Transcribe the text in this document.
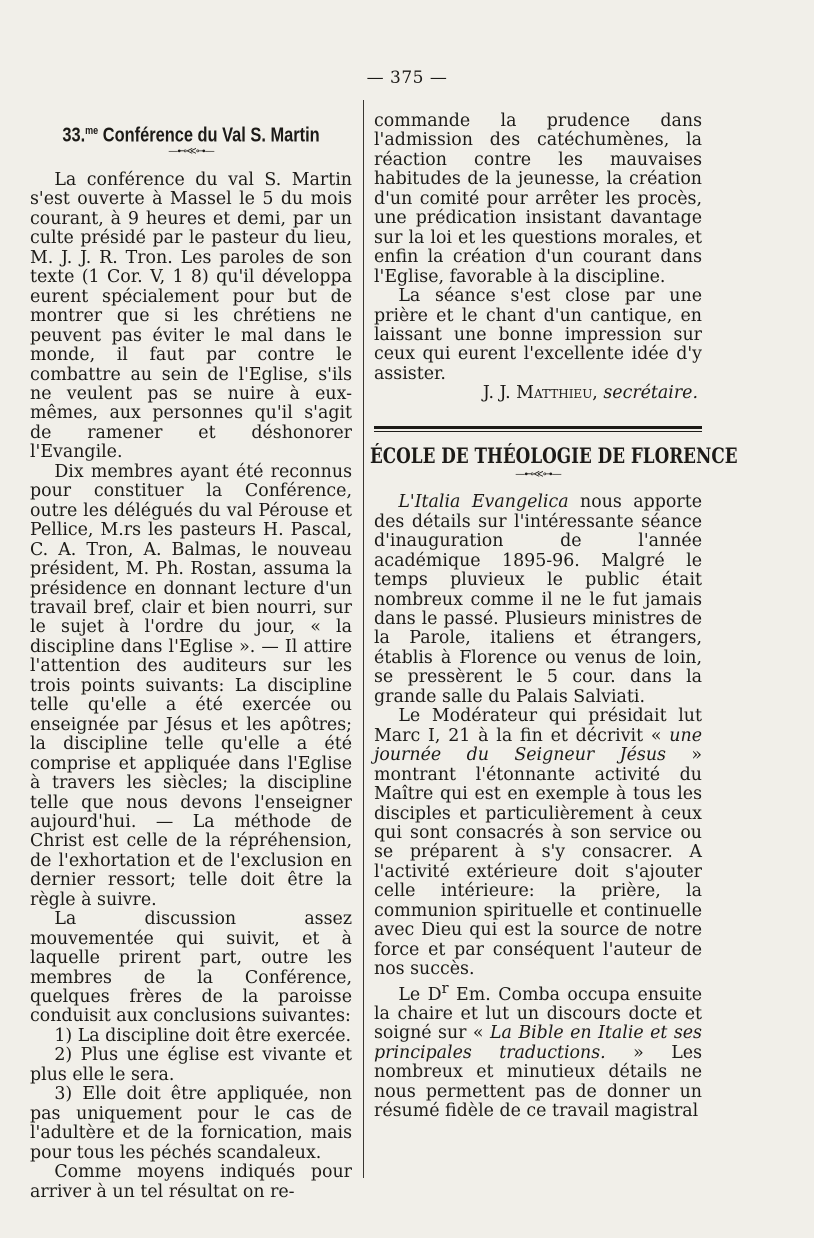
— 375 —
33.$^{me}$ Conférence du Val S. Martin
—⊷≪⊶—

La conférence du val S. Martin s'est ouverte à Massel le 5 du mois courant, à 9 heures et demi, par un culte présidé par le pasteur du lieu, M. J. J. R. Tron. Les paroles de son texte (1 Cor. V, 1 8) qu'il développa eurent spécialement pour but de montrer que si les chrétiens ne peuvent pas éviter le mal dans le monde, il faut par contre le combattre au sein de l'Eglise, s'ils ne veulent pas se nuire à eux-mêmes, aux personnes qu'il s'agit de ramener et déshonorer l'Evangile.

Dix membres ayant été reconnus pour constituer la Conférence, outre les délégués du val Pérouse et Pellice, M.rs les pasteurs H. Pascal, C. A. Tron, A. Balmas, le nouveau président, M. Ph. Rostan, assuma la présidence en donnant lecture d'un travail bref, clair et bien nourri, sur le sujet à l'ordre du jour, « la discipline dans l'Eglise ». — Il attire l'attention des auditeurs sur les trois points suivants: La discipline telle qu'elle a été exercée ou enseignée par Jésus et les apôtres; la discipline telle qu'elle a été comprise et appliquée dans l'Eglise à travers les siècles; la discipline telle que nous devons l'enseigner aujourd'hui. — La méthode de Christ est celle de la répréhension, de l'exhortation et de l'exclusion en dernier ressort; telle doit être la règle à suivre.

La discussion assez mouvementée qui suivit, et à laquelle prirent part, outre les membres de la Conférence, quelques frères de la paroisse conduisit aux conclusions suivantes:

1) La discipline doit être exercée.

2) Plus une église est vivante et plus elle le sera.

3) Elle doit être appliquée, non pas uniquement pour le cas de l'adultère et de la fornication, mais pour tous les péchés scandaleux.

Comme moyens indiqués pour arriver à un tel résultat on re-

commande la prudence dans l'admission des catéchumènes, la réaction contre les mauvaises habitudes de la jeunesse, la création d'un comité pour arrêter les procès, une prédication insistant davantage sur la loi et les questions morales, et enfin la création d'un courant dans l'Eglise, favorable à la discipline.

La séance s'est close par une prière et le chant d'un cantique, en laissant une bonne impression sur ceux qui eurent l'excellente idée d'y assister.

J. J. Matthieu, secrétaire.

ÉCOLE DE THÉOLOGIE DE FLORENCE
—⊷≪⊶—

L'Italia Evangelica nous apporte des détails sur l'intéressante séance d'inauguration de l'année académique 1895-96. Malgré le temps pluvieux le public était nombreux comme il ne le fut jamais dans le passé. Plusieurs ministres de la Parole, italiens et étrangers, établis à Florence ou venus de loin, se pressèrent le 5 cour. dans la grande salle du Palais Salviati.

Le Modérateur qui présidait lut Marc I, 21 à la fin et décrivit « une journée du Seigneur Jésus » montrant l'étonnante activité du Maître qui est en exemple à tous les disciples et particulièrement à ceux qui sont consacrés à son service ou se préparent à s'y consacrer. A l'activité extérieure doit s'ajouter celle intérieure: la prière, la communion spirituelle et continuelle avec Dieu qui est la source de notre force et par conséquent l'auteur de nos succès.

Le $D^r$ Em. Comba occupa ensuite la chaire et lut un discours docte et soigné sur « La Bible en Italie et ses principales traductions. » Les nombreux et minutieux détails ne nous permettent pas de donner un résumé fidèle de ce travail magistral
